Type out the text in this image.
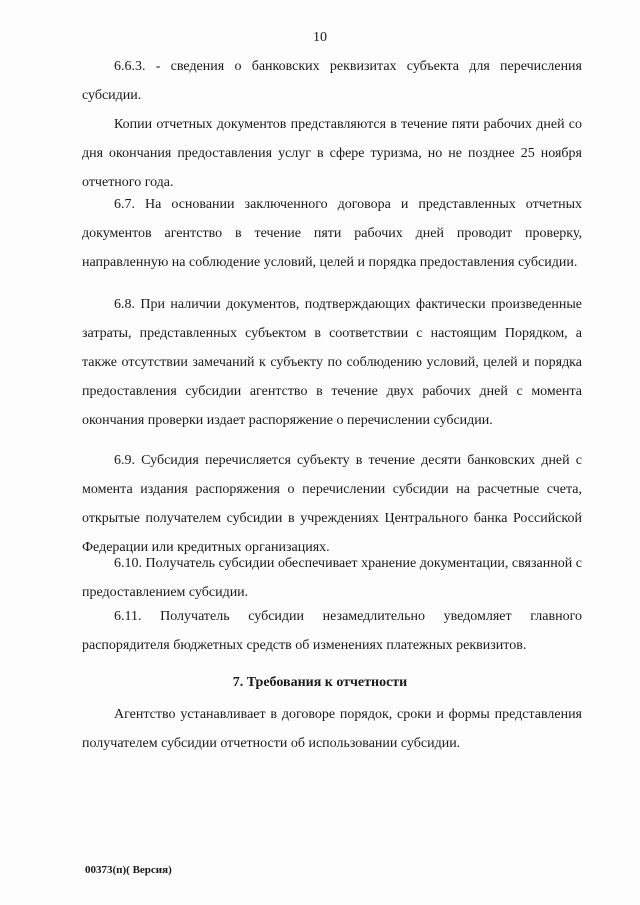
10

6.6.3. - сведения о банковских реквизитах субъекта для перечисления субсидии.

Копии отчетных документов представляются в течение пяти рабочих дней со дня окончания предоставления услуг в сфере туризма, но не позднее 25 ноября отчетного года.

6.7. На основании заключенного договора и представленных отчетных документов агентство в течение пяти рабочих дней проводит проверку, направленную на соблюдение условий, целей и порядка предоставления субсидии.

6.8. При наличии документов, подтверждающих фактически произведенные затраты, представленных субъектом в соответствии с настоящим Порядком, а также отсутствии замечаний к субъекту по соблюдению условий, целей и порядка предоставления субсидии агентство в течение двух рабочих дней с момента окончания проверки издает распоряжение о перечислении субсидии.

6.9. Субсидия перечисляется субъекту в течение десяти банковских дней с момента издания распоряжения о перечислении субсидии на расчетные счета, открытые получателем субсидии в учреждениях Центрального банка Российской Федерации или кредитных организациях.

6.10. Получатель субсидии обеспечивает хранение документации, связанной с предоставлением субсидии.

6.11. Получатель субсидии незамедлительно уведомляет главного распорядителя бюджетных средств об изменениях платежных реквизитов.

7. Требования к отчетности

Агентство устанавливает в договоре порядок, сроки и формы представления получателем субсидии отчетности об использовании субсидии.

00373(п)( Версия)
